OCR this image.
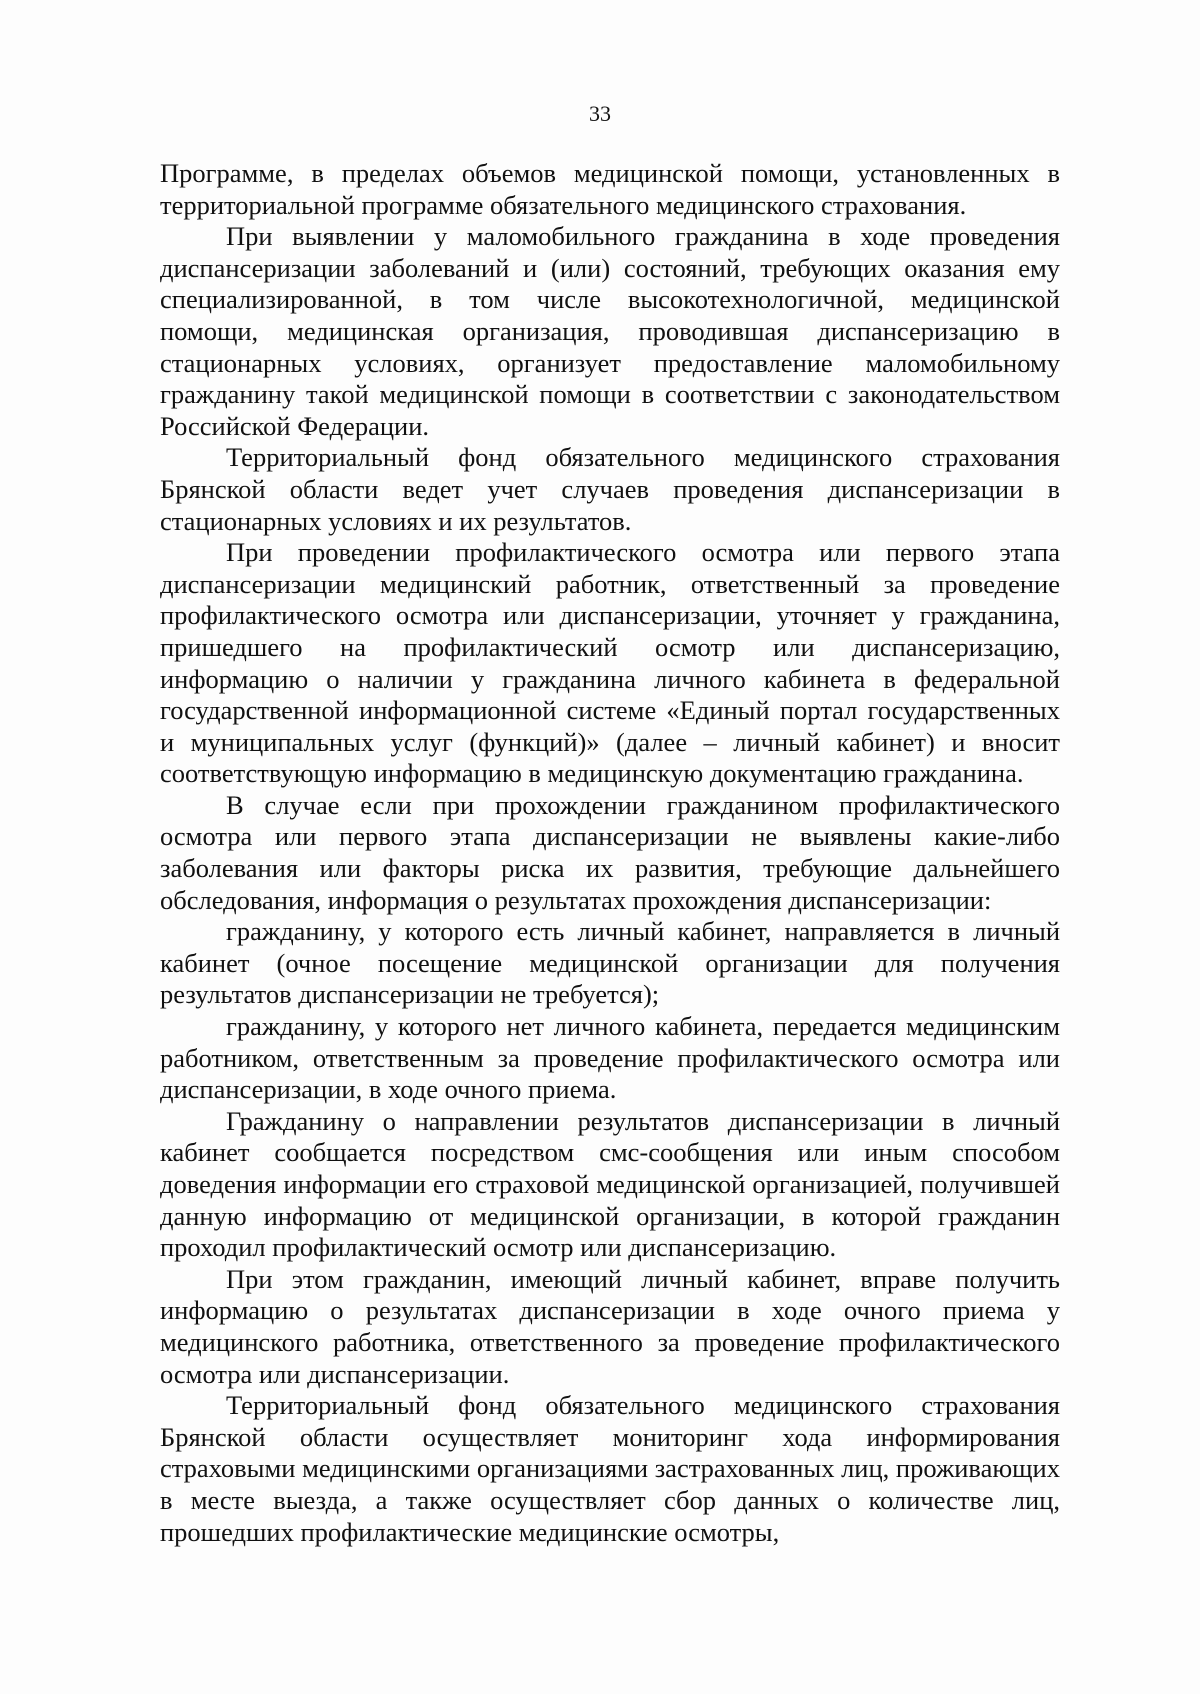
33

Программе, в пределах объемов медицинской помощи, установленных в территориальной программе обязательного медицинского страхования.

При выявлении у маломобильного гражданина в ходе проведения диспансеризации заболеваний и (или) состояний, требующих оказания ему специализированной, в том числе высокотехнологичной, медицинской помощи, медицинская организация, проводившая диспансеризацию в стационарных условиях, организует предоставление маломобильному гражданину такой медицинской помощи в соответствии с законодательством Российской Федерации.

Территориальный фонд обязательного медицинского страхования Брянской области ведет учет случаев проведения диспансеризации в стационарных условиях и их результатов.

При проведении профилактического осмотра или первого этапа диспансеризации медицинский работник, ответственный за проведение профилактического осмотра или диспансеризации, уточняет у гражданина, пришедшего на профилактический осмотр или диспансеризацию, информацию о наличии у гражданина личного кабинета в федеральной государственной информационной системе «Единый портал государственных и муниципальных услуг (функций)» (далее – личный кабинет) и вносит соответствующую информацию в медицинскую документацию гражданина.

В случае если при прохождении гражданином профилактического осмотра или первого этапа диспансеризации не выявлены какие-либо заболевания или факторы риска их развития, требующие дальнейшего обследования, информация о результатах прохождения диспансеризации:

гражданину, у которого есть личный кабинет, направляется в личный кабинет (очное посещение медицинской организации для получения результатов диспансеризации не требуется);

гражданину, у которого нет личного кабинета, передается медицинским работником, ответственным за проведение профилактического осмотра или диспансеризации, в ходе очного приема.

Гражданину о направлении результатов диспансеризации в личный кабинет сообщается посредством смс-сообщения или иным способом доведения информации его страховой медицинской организацией, получившей данную информацию от медицинской организации, в которой гражданин проходил профилактический осмотр или диспансеризацию.

При этом гражданин, имеющий личный кабинет, вправе получить информацию о результатах диспансеризации в ходе очного приема у медицинского работника, ответственного за проведение профилактического осмотра или диспансеризации.

Территориальный фонд обязательного медицинского страхования Брянской области осуществляет мониторинг хода информирования страховыми медицинскими организациями застрахованных лиц, проживающих в месте выезда, а также осуществляет сбор данных о количестве лиц, прошедших профилактические медицинские осмотры,
